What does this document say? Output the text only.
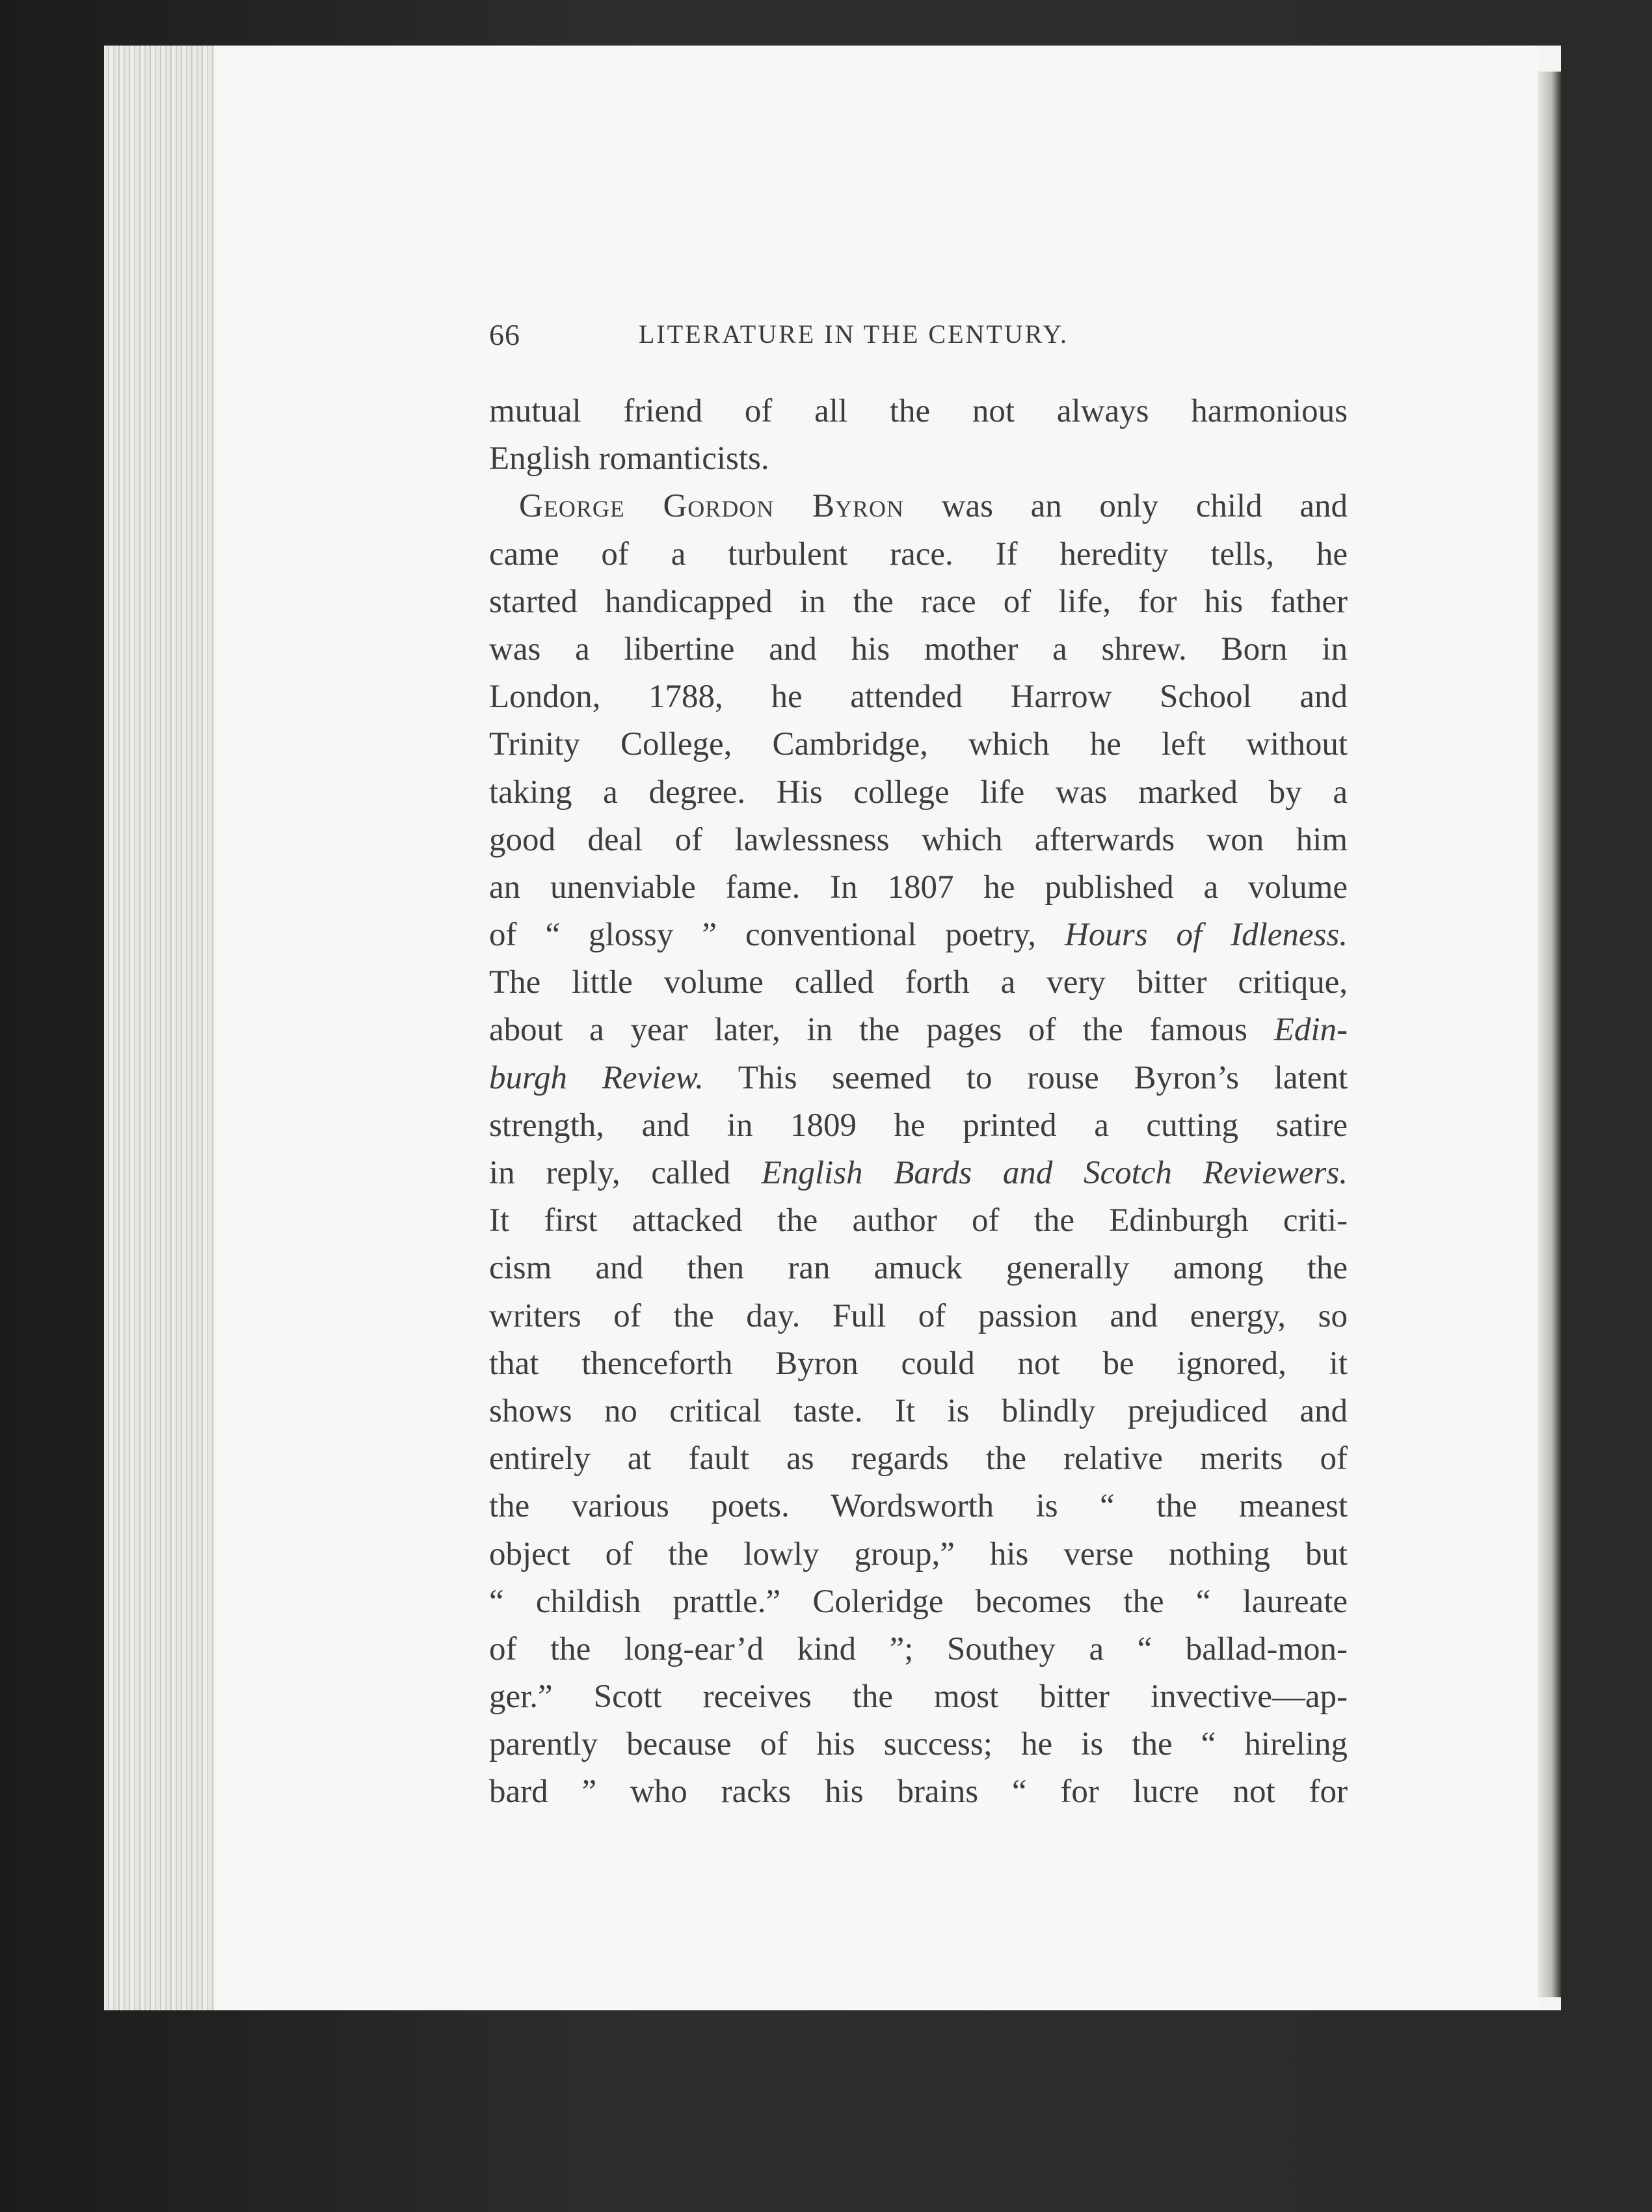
66	LITERATURE IN THE CENTURY.
mutual friend of all the not always harmonious
English romanticists.
George Gordon Byron was an only child and
came of a turbulent race. If heredity tells, he
started handicapped in the race of life, for his father
was a libertine and his mother a shrew. Born in
London, 1788, he attended Harrow School and
Trinity College, Cambridge, which he left without
taking a degree. His college life was marked by a
good deal of lawlessness which afterwards won him
an unenviable fame. In 1807 he published a volume
of “ glossy ” conventional poetry, Hours of Idleness.
The little volume called forth a very bitter critique,
about a year later, in the pages of the famous Edin-
burgh Review. This seemed to rouse Byron’s latent
strength, and in 1809 he printed a cutting satire
in reply, called English Bards and Scotch Reviewers.
It first attacked the author of the Edinburgh criti-
cism and then ran amuck generally among the
writers of the day. Full of passion and energy, so
that thenceforth Byron could not be ignored, it
shows no critical taste. It is blindly prejudiced and
entirely at fault as regards the relative merits of
the various poets. Wordsworth is “ the meanest
object of the lowly group,” his verse nothing but
“ childish prattle.” Coleridge becomes the “ laureate
of the long-ear’d kind ”; Southey a “ ballad-mon-
ger.” Scott receives the most bitter invective—ap-
parently because of his success; he is the “ hireling
bard ” who racks his brains “ for lucre not for
